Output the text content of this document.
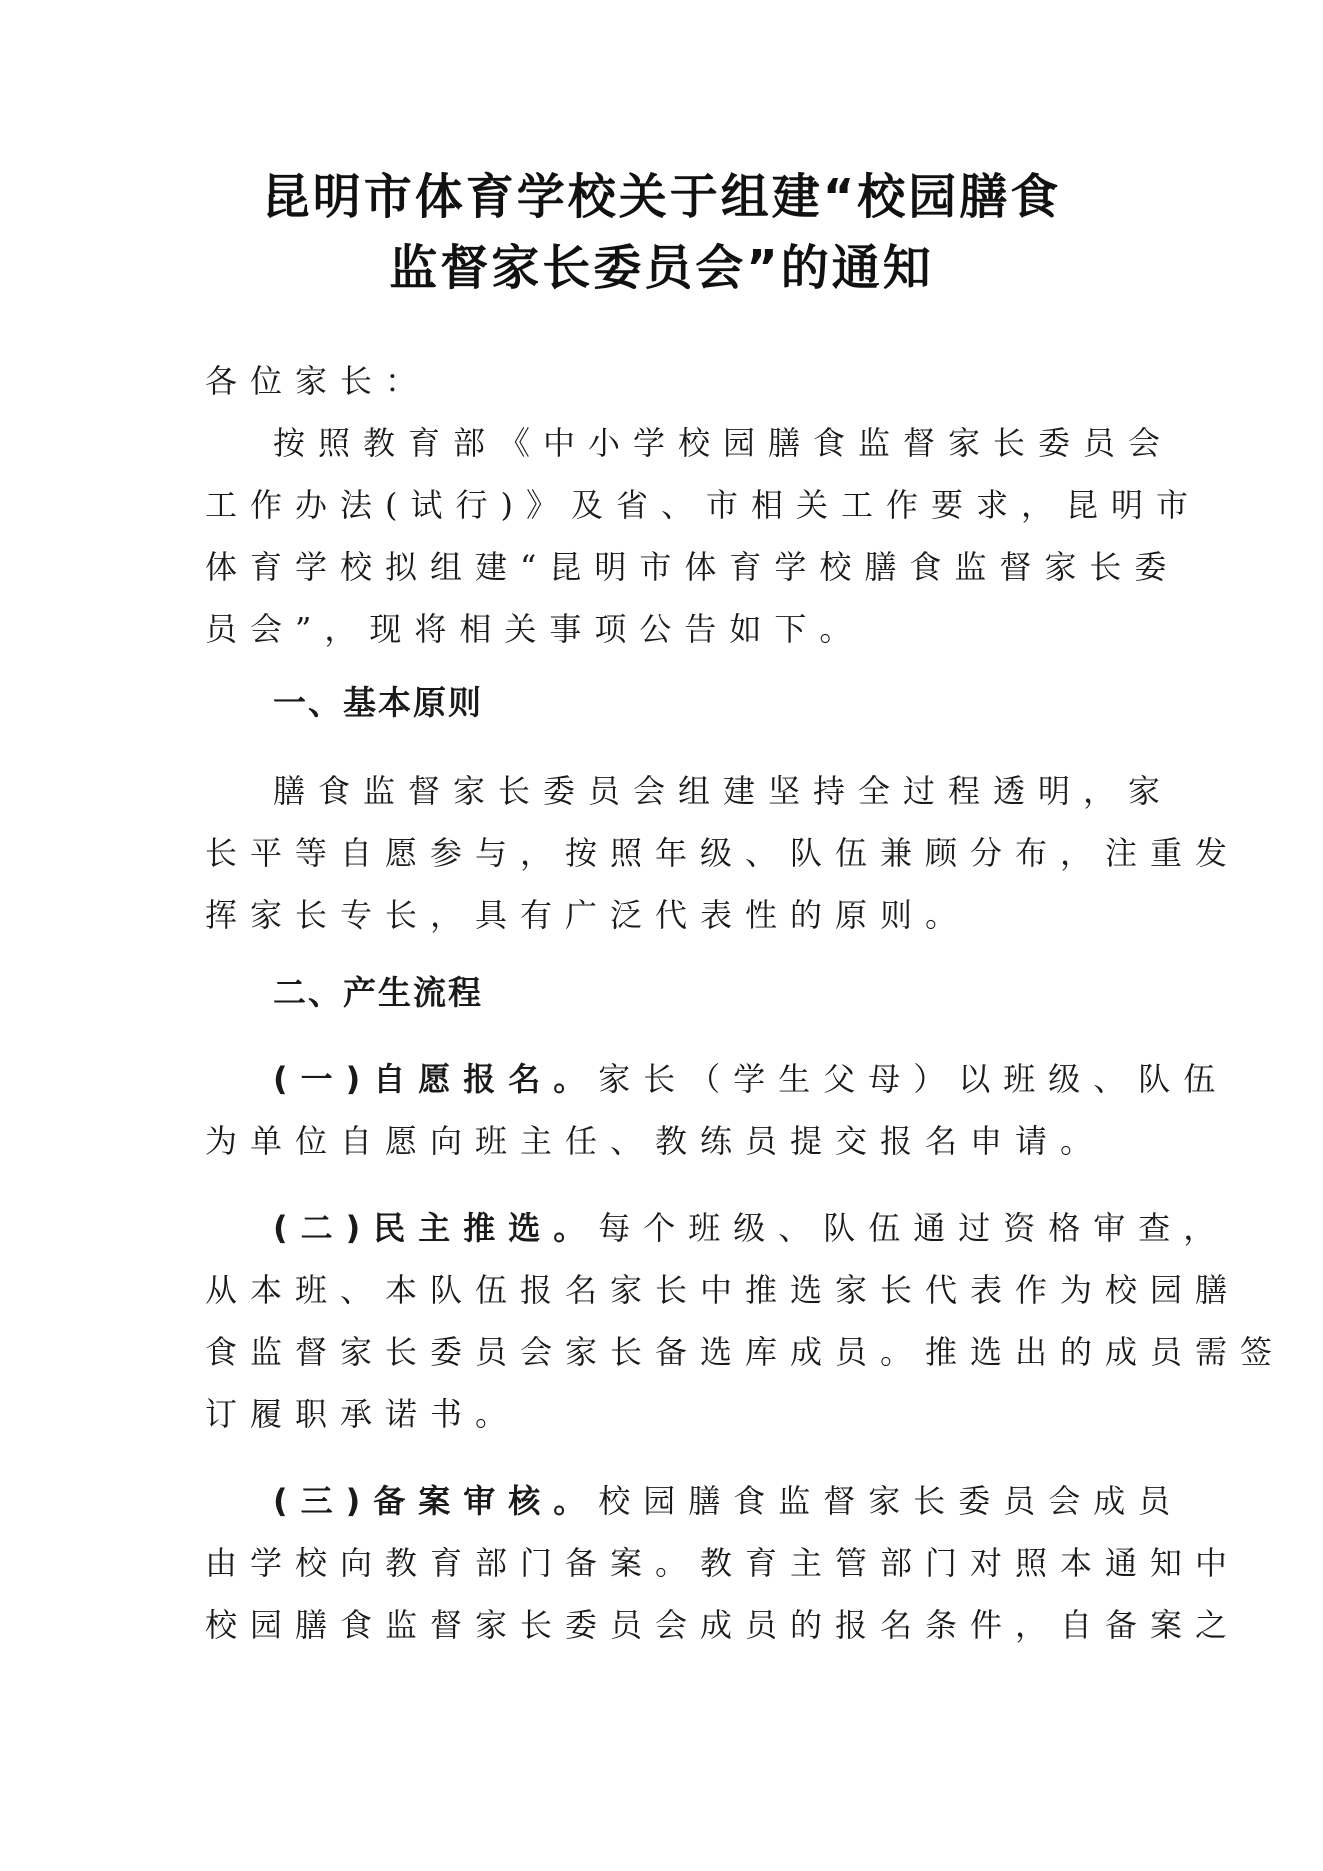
昆明市体育学校关于组建“校园膳食
监督家长委员会”的通知
各位家长：
按照教育部《中小学校园膳食监督家长委员会
工作办法(试行)》及省、市相关工作要求，昆明市
体育学校拟组建“昆明市体育学校膳食监督家长委
员会”，现将相关事项公告如下。
一、基本原则
膳食监督家长委员会组建坚持全过程透明，家
长平等自愿参与，按照年级、队伍兼顾分布，注重发
挥家长专长，具有广泛代表性的原则。
二、产生流程
(一)自愿报名。家长（学生父母）以班级、队伍
为单位自愿向班主任、教练员提交报名申请。
(二)民主推选。每个班级、队伍通过资格审查，
从本班、本队伍报名家长中推选家长代表作为校园膳
食监督家长委员会家长备选库成员。推选出的成员需签
订履职承诺书。
(三)备案审核。校园膳食监督家长委员会成员
由学校向教育部门备案。教育主管部门对照本通知中
校园膳食监督家长委员会成员的报名条件，自备案之
